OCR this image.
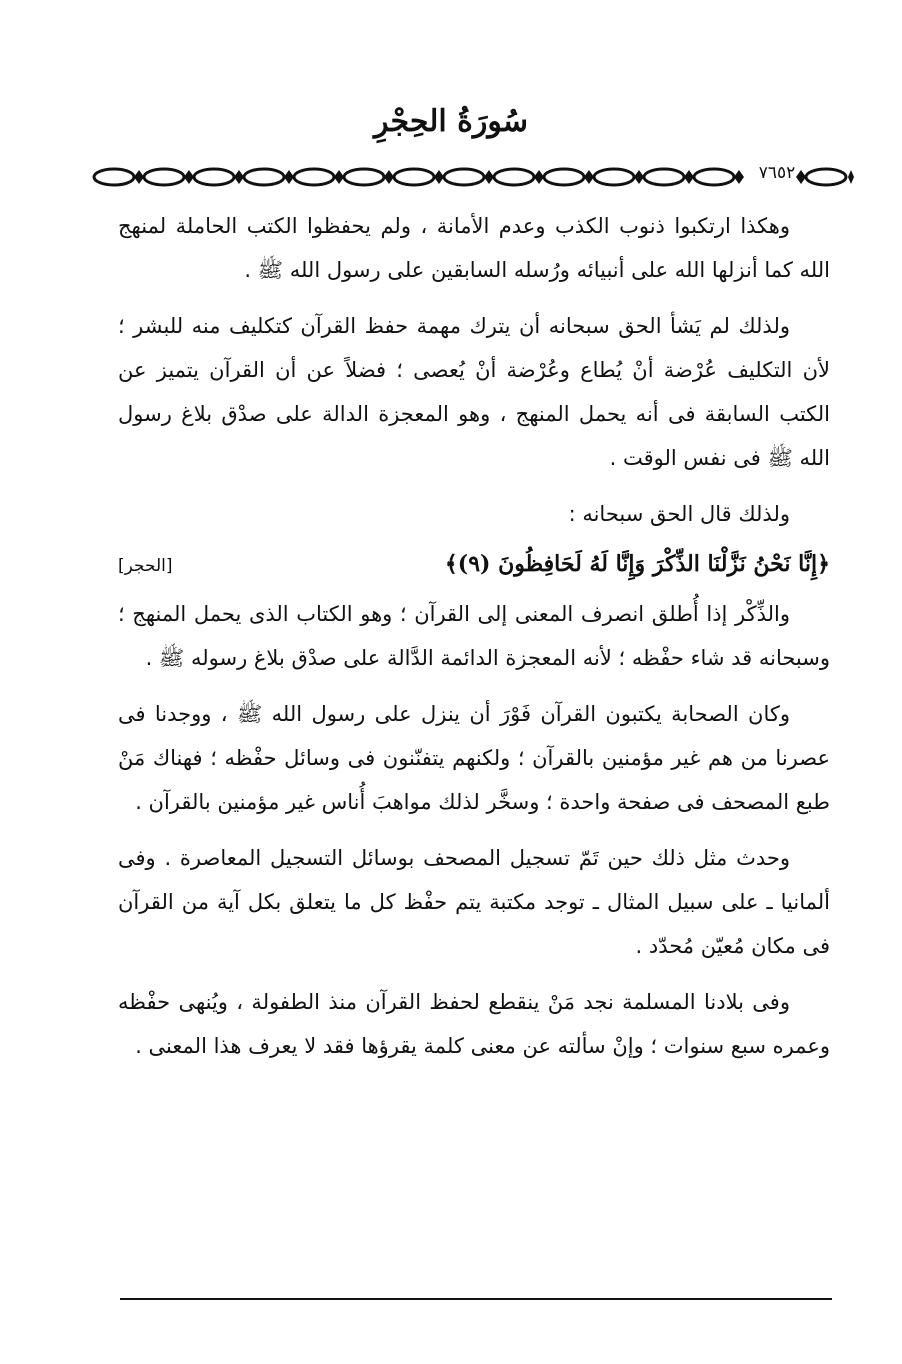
سُورَةُ الحِجْرِ
٧٦٥٢

وهكذا ارتكبوا ذنوب الكذب وعدم الأمانة ، ولم يحفظوا الكتب الحاملة لمنهج الله كما أنزلها الله على أنبيائه ورُسله السابقين على رسول الله ﷺ .

ولذلك لم يَشأ الحق سبحانه أن يترك مهمة حفظ القرآن كتكليف منه للبشر ؛ لأن التكليف عُرْضة أنْ يُطاع وعُرْضة أنْ يُعصى ؛ فضلاً عن أن القرآن يتميز عن الكتب السابقة فى أنه يحمل المنهج ، وهو المعجزة الدالة على صدْق بلاغ رسول الله ﷺ فى نفس الوقت .

ولذلك قال الحق سبحانه :

﴿إِنَّا نَحْنُ نَزَّلْنَا الذِّكْرَ وَإِنَّا لَهُ لَحَافِظُونَ (٩)﴾
[الحجر]

والذِّكْر إذا أُطلق انصرف المعنى إلى القرآن ؛ وهو الكتاب الذى يحمل المنهج ؛ وسبحانه قد شاء حفْظه ؛ لأنه المعجزة الدائمة الدَّالة على صدْق بلاغ رسوله ﷺ .

وكان الصحابة يكتبون القرآن فَوْرَ أن ينزل على رسول الله ﷺ ، ووجدنا فى عصرنا من هم غير مؤمنين بالقرآن ؛ ولكنهم يتفنّنون فى وسائل حفْظه ؛ فهناك مَنْ طبع المصحف فى صفحة واحدة ؛ وسخَّر لذلك مواهبَ أُناس غير مؤمنين بالقرآن .

وحدث مثل ذلك حين تَمّ تسجيل المصحف بوسائل التسجيل المعاصرة . وفى ألمانيا ـ على سبيل المثال ـ توجد مكتبة يتم حفْظ كل ما يتعلق بكل آية من القرآن فى مكان مُعيّن مُحدّد .

وفى بلادنا المسلمة نجد مَنْ ينقطع لحفظ القرآن منذ الطفولة ، ويُنهى حفْظه وعمره سبع سنوات ؛ وإنْ سألته عن معنى كلمة يقرؤها فقد لا يعرف هذا المعنى .
